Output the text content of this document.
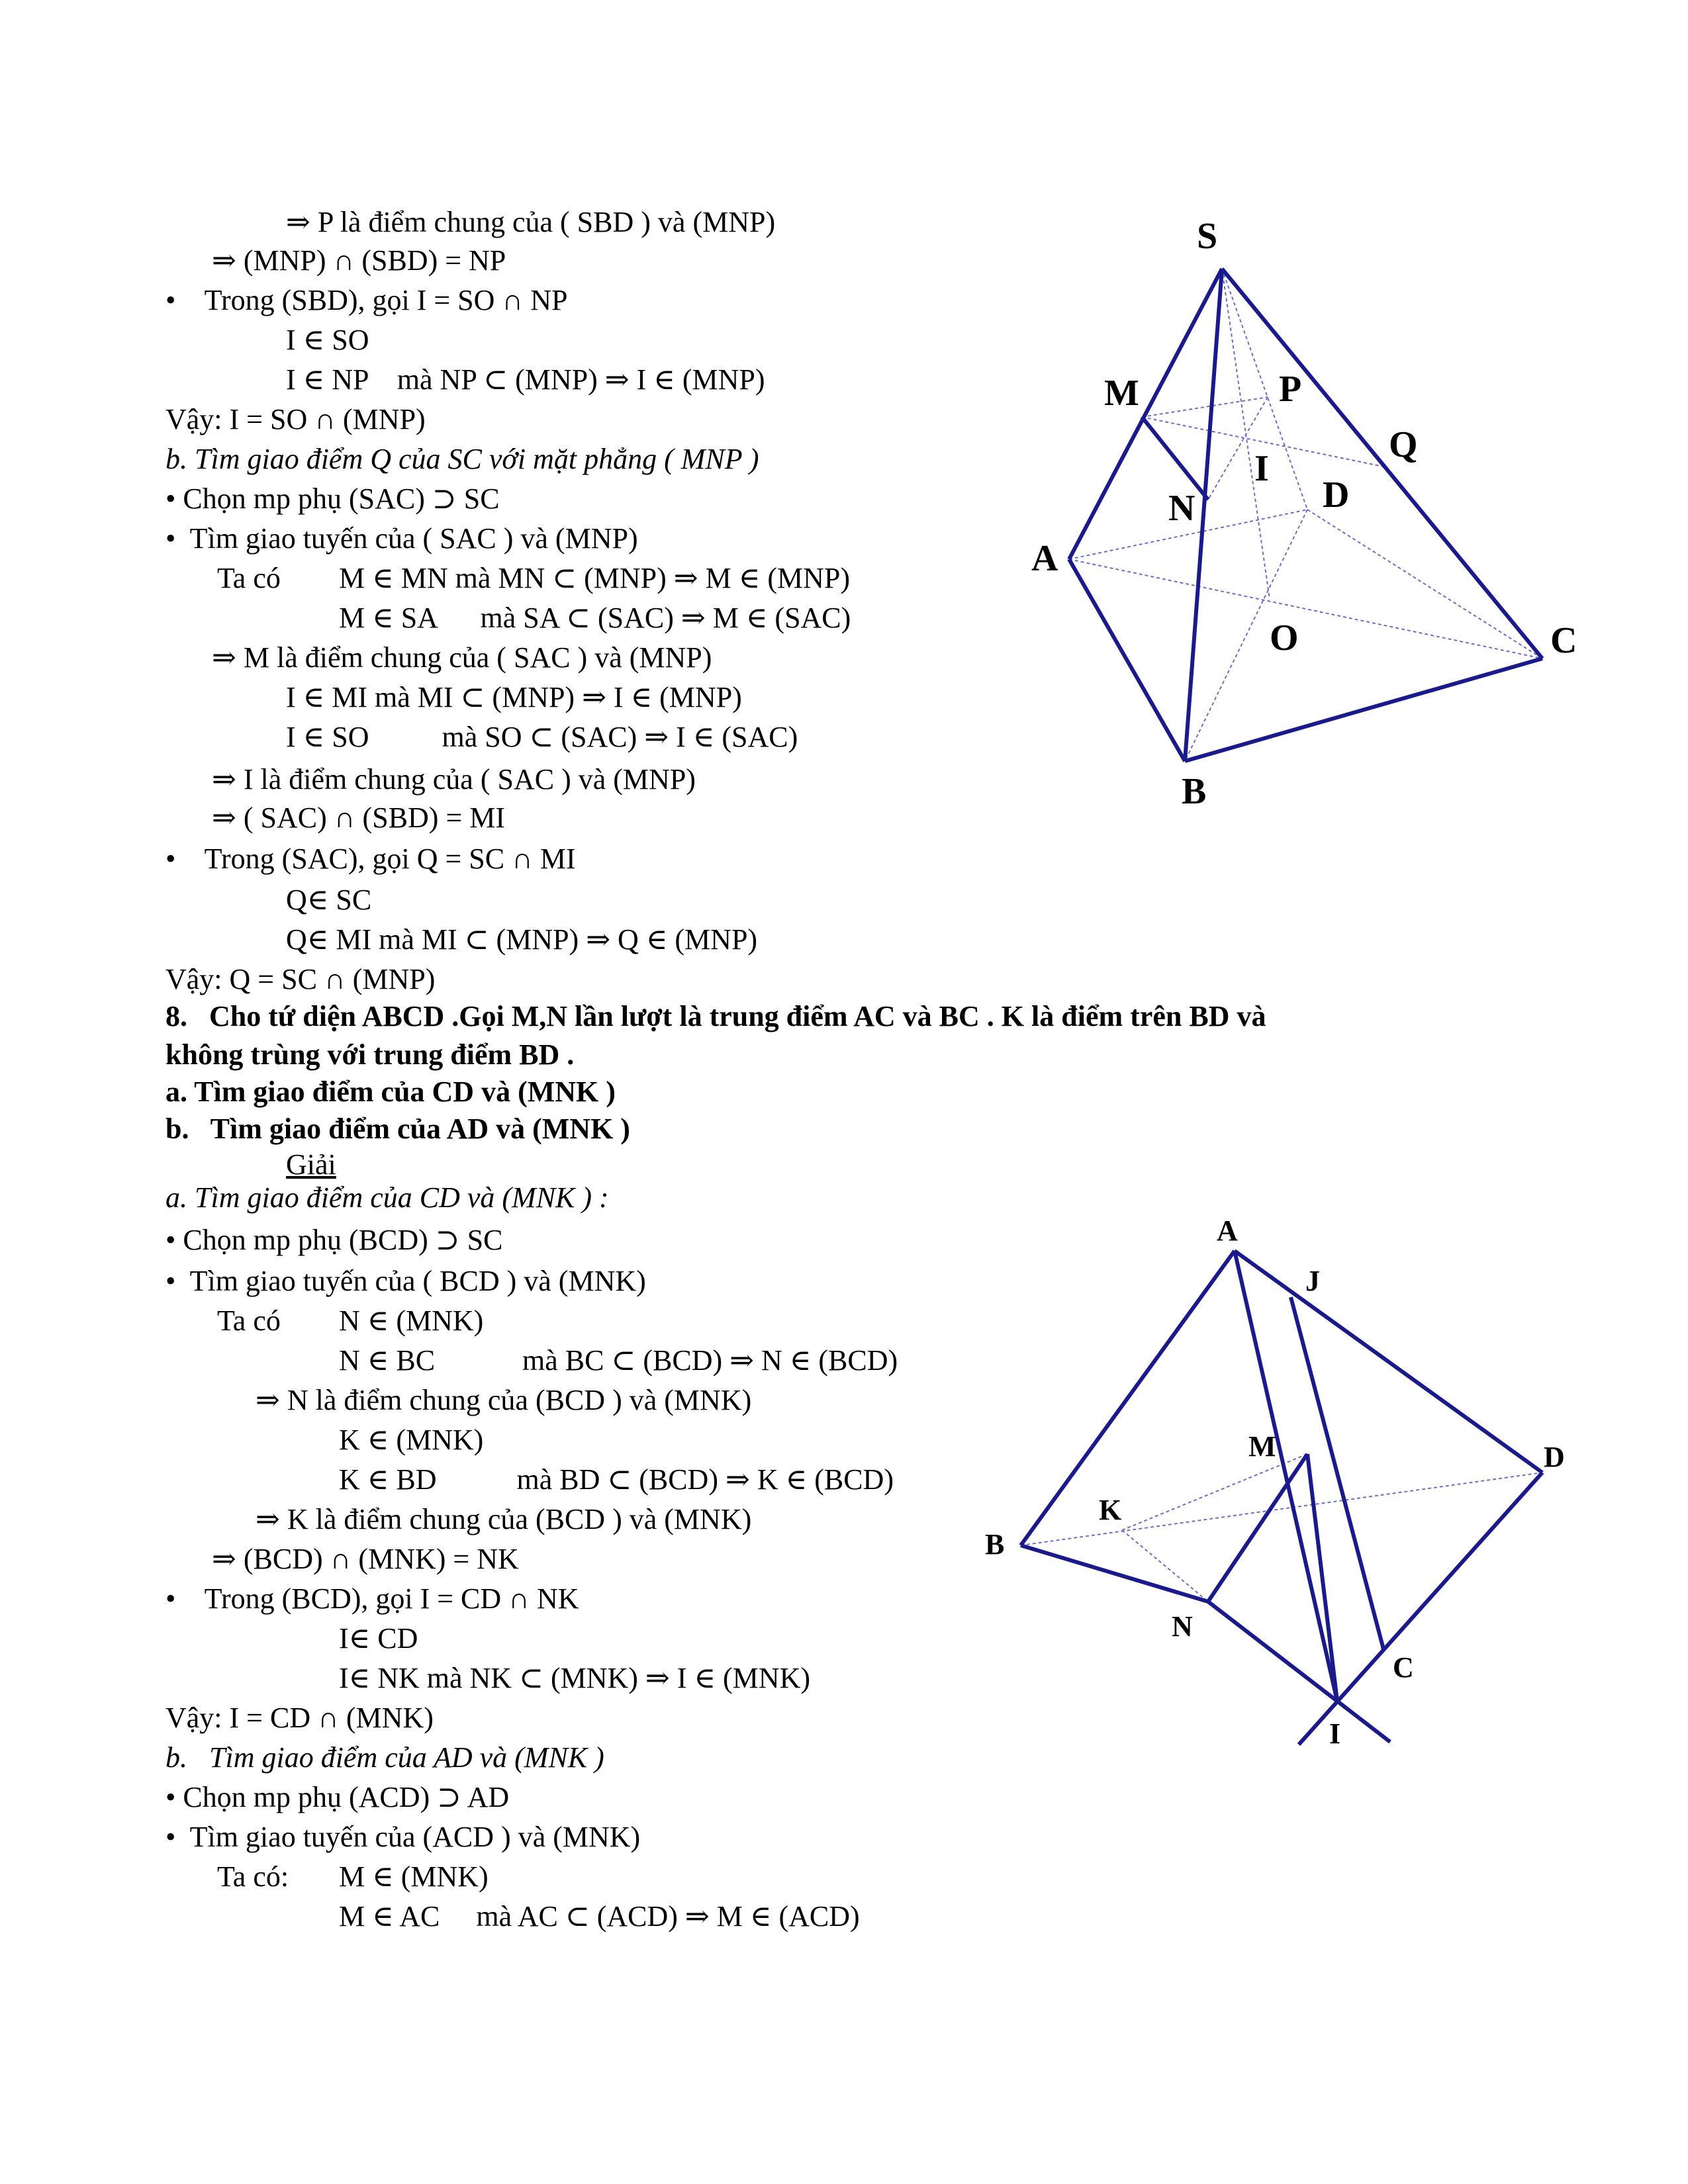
⇒ P là điểm chung của ( SBD ) và (MNP)
⇒ (MNP) ∩ (SBD) = NP
•    Trong (SBD), gọi I = SO ∩ NP
I ∈ SO
I ∈ NP    mà NP ⊂ (MNP) ⇒ I ∈ (MNP)
Vậy: I = SO ∩ (MNP)
b. Tìm giao điểm Q của SC với mặt phẳng ( MNP )
• Chọn mp phụ (SAC) ⊃ SC
•  Tìm giao tuyến của ( SAC ) và (MNP)
Ta có M ∈ MN mà MN ⊂ (MNP) ⇒ M ∈ (MNP)
M ∈ SA      mà SA ⊂ (SAC) ⇒ M ∈ (SAC)
⇒ M là điểm chung của ( SAC ) và (MNP)
I ∈ MI mà MI ⊂ (MNP) ⇒ I ∈ (MNP)
I ∈ SO          mà SO ⊂ (SAC) ⇒ I ∈ (SAC)
⇒ I là điểm chung của ( SAC ) và (MNP)
⇒ ( SAC) ∩ (SBD) = MI
•    Trong (SAC), gọi Q = SC ∩ MI
Q∈ SC
Q∈ MI mà MI ⊂ (MNP) ⇒ Q ∈ (MNP)
Vậy: Q = SC ∩ (MNP)
8.   Cho tứ diện ABCD .Gọi M,N lần lượt là trung điểm AC và BC . K là điểm trên BD và
không trùng với trung điểm BD .
a. Tìm giao điểm của CD và (MNK )
b.   Tìm giao điểm của AD và (MNK )
Giải
a. Tìm giao điểm của CD và (MNK ) :
• Chọn mp phụ (BCD) ⊃ SC
•  Tìm giao tuyến của ( BCD ) và (MNK)
Ta có N ∈ (MNK)
N ∈ BC            mà BC ⊂ (BCD) ⇒ N ∈ (BCD)
⇒ N là điểm chung của (BCD ) và (MNK)
K ∈ (MNK)
K ∈ BD           mà BD ⊂ (BCD) ⇒ K ∈ (BCD)
⇒ K là điểm chung của (BCD ) và (MNK)
⇒ (BCD) ∩ (MNK) = NK
•    Trong (BCD), gọi I = CD ∩ NK
I∈ CD
I∈ NK mà NK ⊂ (MNK) ⇒ I ∈ (MNK)
Vậy: I = CD ∩ (MNK)
b.   Tìm giao điểm của AD và (MNK )
• Chọn mp phụ (ACD) ⊃ AD
•  Tìm giao tuyến của (ACD ) và (MNK)
Ta có: M ∈ (MNK)
M ∈ AC     mà AC ⊂ (ACD) ⇒ M ∈ (ACD)
S
M	P
Q
I
N	D
A
O	C
B
A
J
M	D
K
B
N
C
I
